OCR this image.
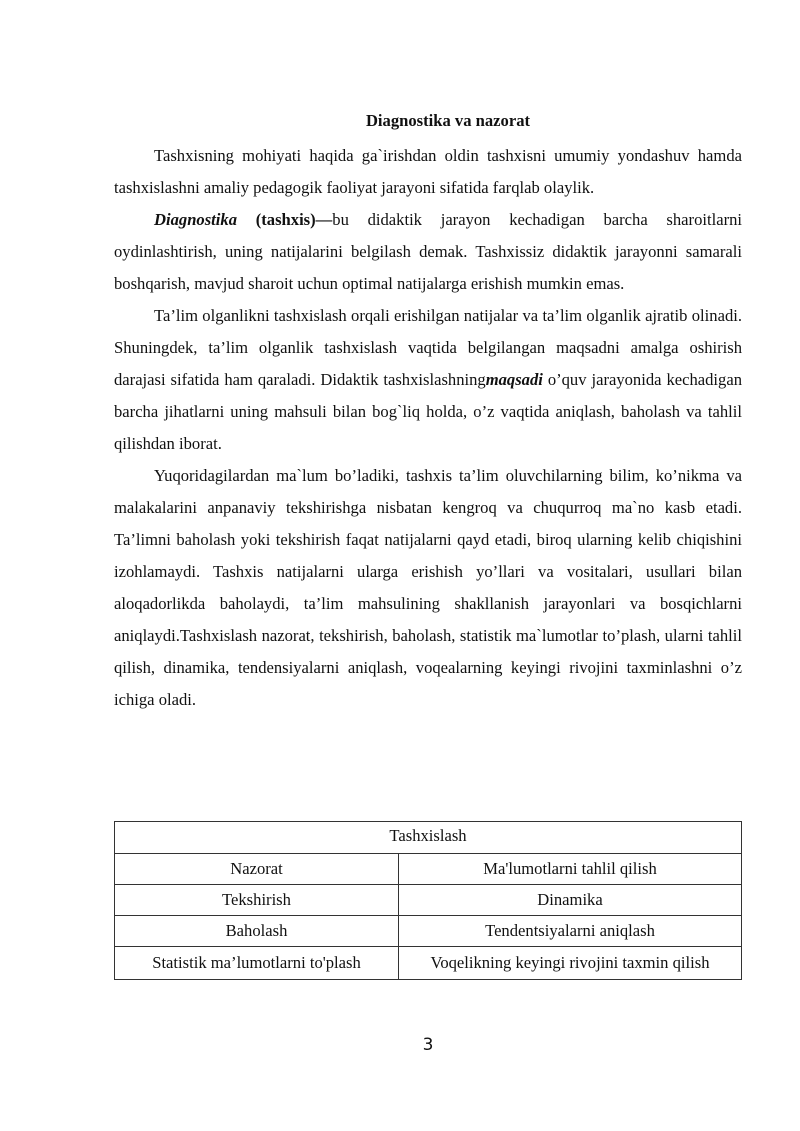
Diagnostika va nazorat

Tashxisning mohiyati haqida ga`irishdan oldin tashxisni umumiy yondashuv hamda tashxislashni amaliy pedagogik faoliyat jarayoni sifatida farqlab olaylik.

Diagnostika (tashxis)—bu didaktik jarayon kechadigan barcha sharoitlarni oydinlashtirish, uning natijalarini belgilash demak. Tashxissiz didaktik jarayonni samarali boshqarish, mavjud sharoit uchun optimal natijalarga erishish mumkin emas.

Ta’lim olganlikni tashxislash orqali erishilgan natijalar va ta’lim olganlik ajratib olinadi. Shuningdek, ta’lim olganlik tashxislash vaqtida belgilangan maqsadni amalga oshirish darajasi sifatida ham qaraladi. Didaktik tashxislashningmaqsadi o’quv jarayonida kechadigan barcha jihatlarni uning mahsuli bilan bog`liq holda, o’z vaqtida aniqlash, baholash va tahlil qilishdan iborat.

Yuqoridagilardan ma`lum bo’ladiki, tashxis ta’lim oluvchilarning bilim, ko’nikma va malakalarini anpanaviy tekshirishga nisbatan kengroq va chuqurroq ma`no kasb etadi. Ta’limni baholash yoki tekshirish faqat natijalarni qayd etadi, biroq ularning kelib chiqishini izohlamaydi. Tashxis natijalarni ularga erishish yo’llari va vositalari, usullari bilan aloqadorlikda baholaydi, ta’lim mahsulining shakllanish jarayonlari va bosqichlarni aniqlaydi.Tashxislash nazorat, tekshirish, baholash, statistik ma`lumotlar to’plash, ularni tahlil qilish, dinamika, tendensiyalarni aniqlash, voqealarning keyingi rivojini taxminlashni o’z ichiga oladi.

Tashxislash	
Nazorat	Ma'lumotlarni tahlil qilish
Tekshirish	Dinamika
Baholash	Tendentsiyalarni aniqlash
Statistik ma’lumotlarni to'plash	Voqelikning keyingi rivojini taxmin qilish
3
